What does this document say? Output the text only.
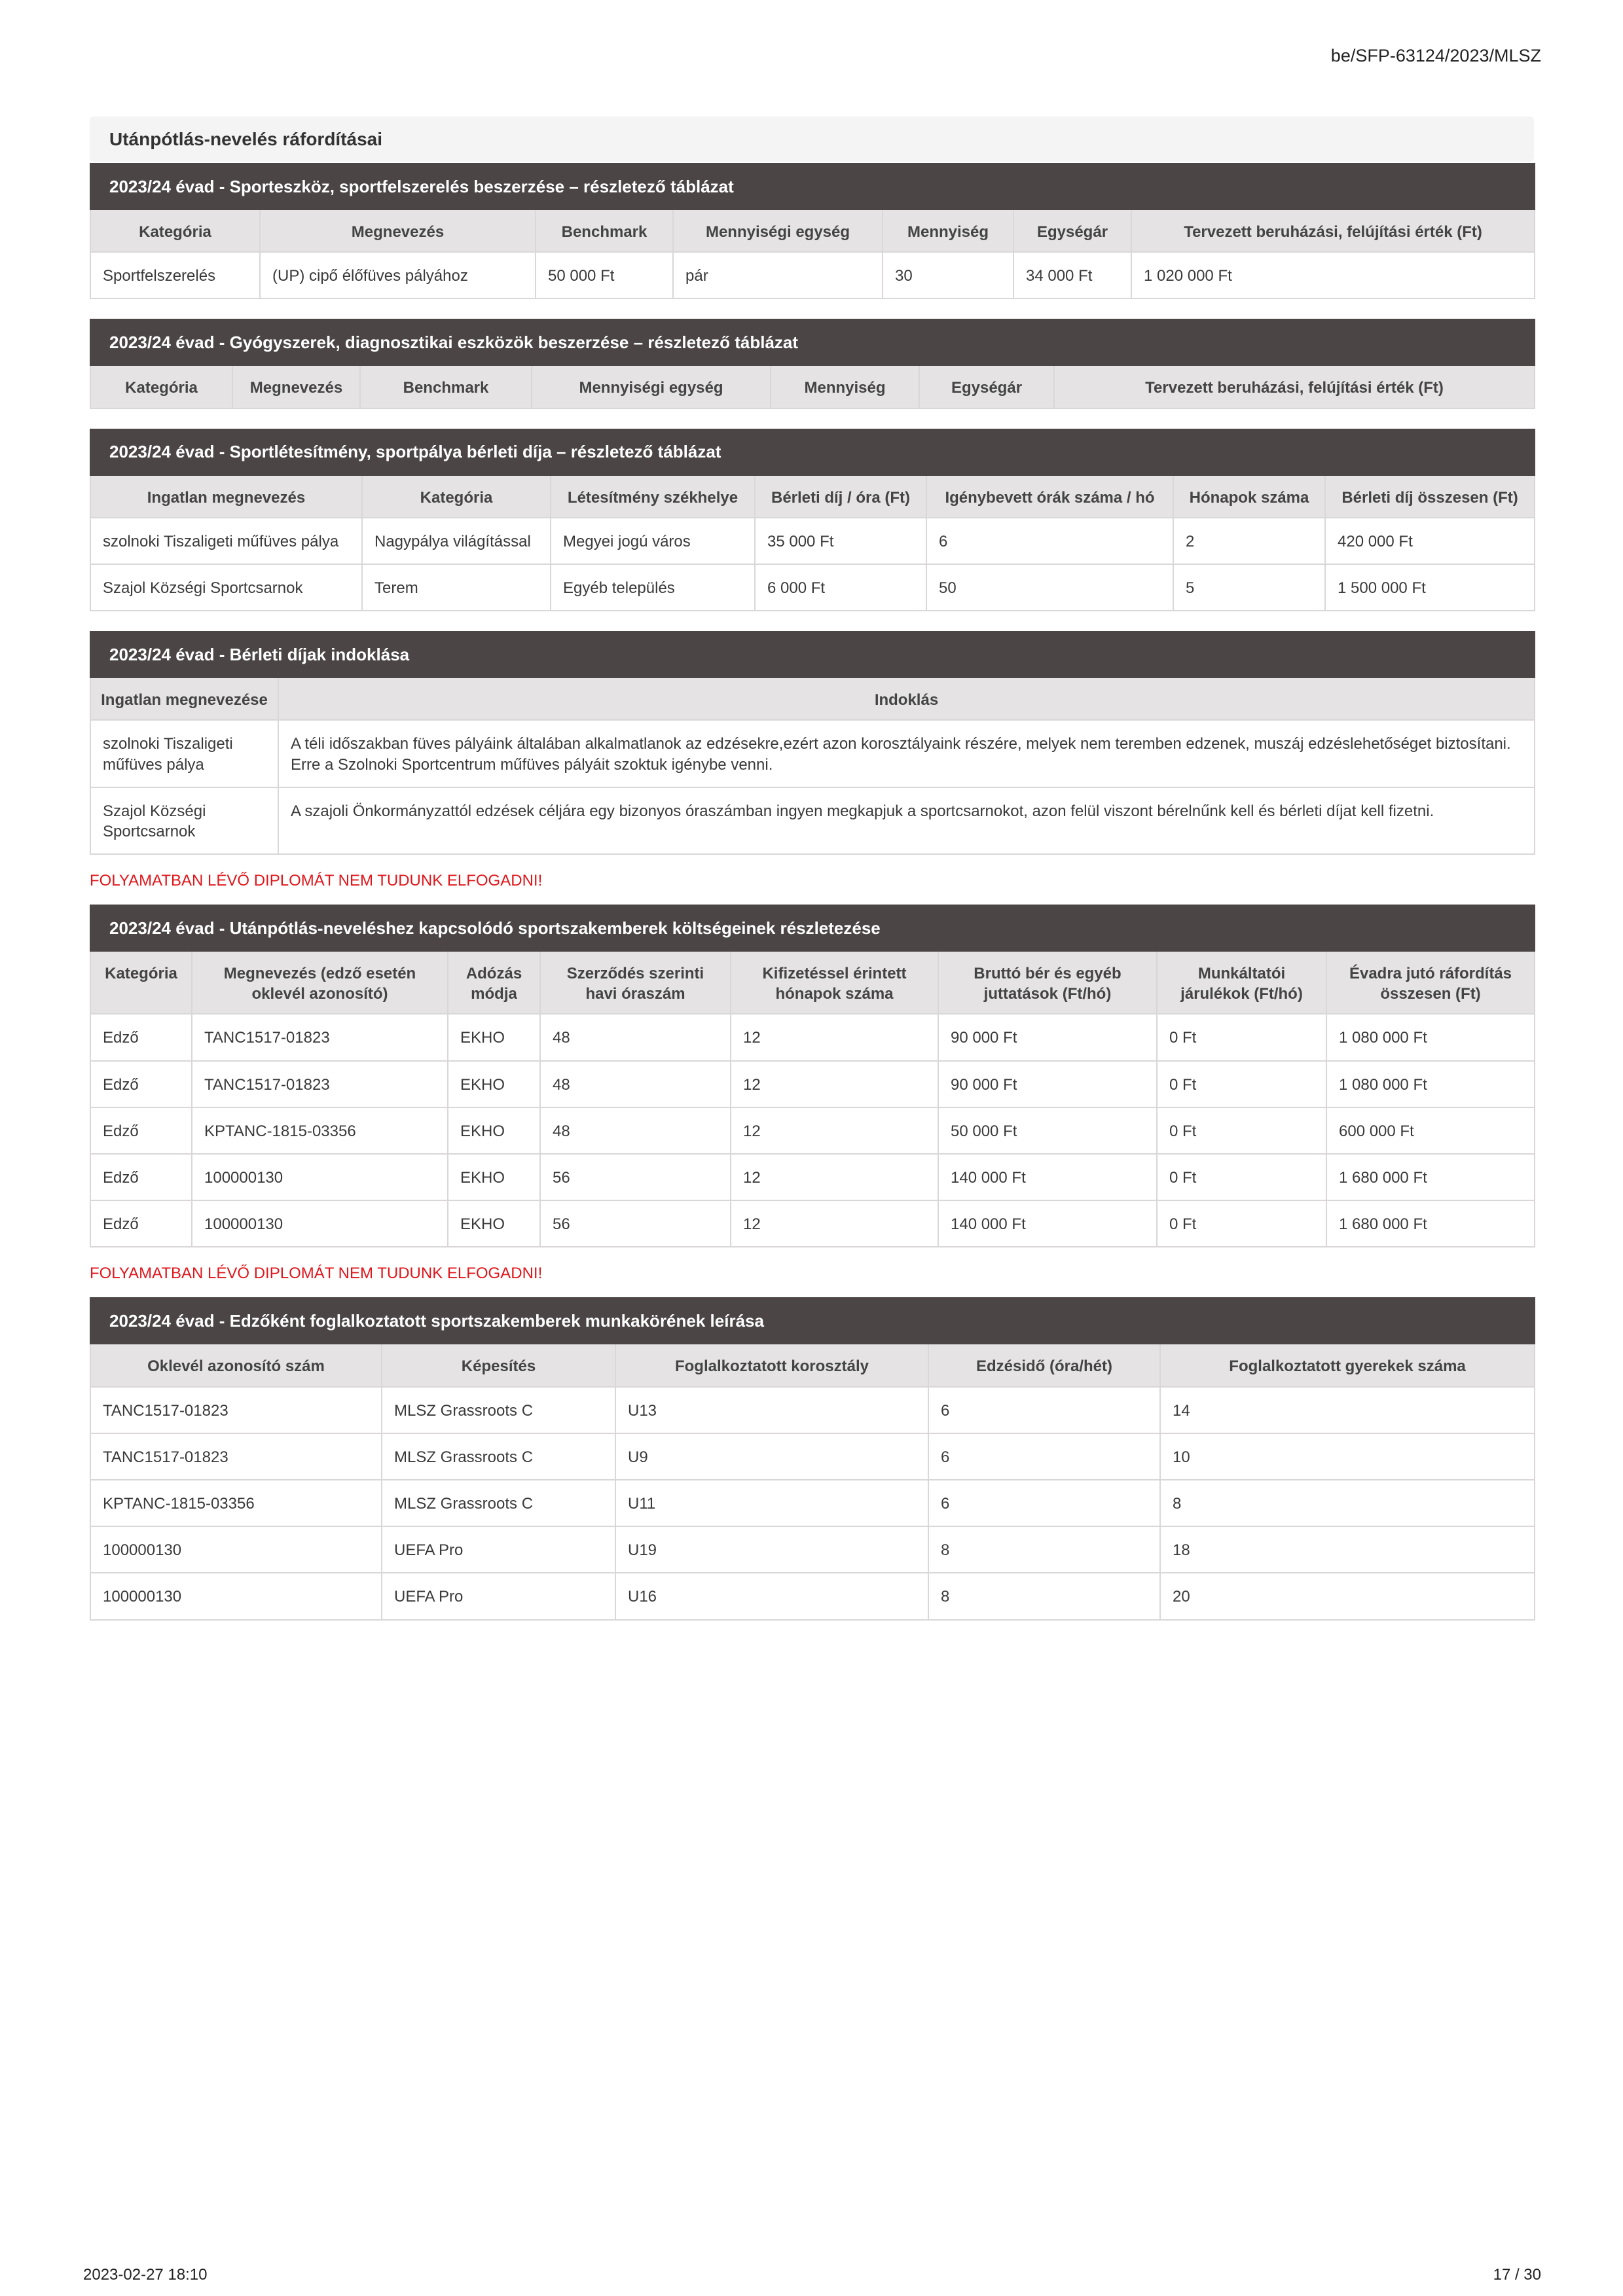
be/SFP-63124/2023/MLSZ
Utánpótlás-nevelés ráfordításai
2023/24 évad - Sporteszköz, sportfelszerelés beszerzése – részletező táblázat						
Kategória	Megnevezés	Benchmark	Mennyiségi egység	Mennyiség	Egységár	Tervezett beruházási, felújítási érték (Ft)
Sportfelszerelés	(UP) cipő élőfüves pályához	50 000 Ft	pár	30	34 000 Ft	1 020 000 Ft
2023/24 évad - Gyógyszerek, diagnosztikai eszközök beszerzése – részletező táblázat
Kategória	Megnevezés	Benchmark	Mennyiségi egység	Mennyiség	Egységár	Tervezett beruházási, felújítási érték (Ft)
2023/24 évad - Sportlétesítmény, sportpálya bérleti díja – részletező táblázat						
Ingatlan megnevezés	Kategória	Létesítmény székhelye	Bérleti díj / óra (Ft)	Igénybevett órák száma / hó	Hónapok száma	Bérleti díj összesen (Ft)
szolnoki Tiszaligeti műfüves pálya	Nagypálya világítással	Megyei jogú város	35 000 Ft	6	2	420 000 Ft
Szajol Községi Sportcsarnok	Terem	Egyéb település	6 000 Ft	50	5	1 500 000 Ft
2023/24 évad - Bérleti díjak indoklása	
Ingatlan megnevezése	Indoklás
szolnoki Tiszaligeti műfüves pálya	A téli időszakban füves pályáink általában alkalmatlanok az edzésekre,ezért azon korosztályaink részére, melyek nem teremben edzenek, muszáj edzéslehetőséget biztosítani. Erre a Szolnoki Sportcentrum műfüves pályáit szoktuk igénybe venni.
Szajol Községi Sportcsarnok	A szajoli Önkormányzattól edzések céljára egy bizonyos óraszámban ingyen megkapjuk a sportcsarnokot, azon felül viszont bérelnűnk kell és bérleti díjat kell fizetni.
FOLYAMATBAN LÉVŐ DIPLOMÁT NEM TUDUNK ELFOGADNI!
2023/24 évad - Utánpótlás-neveléshez kapcsolódó sportszakemberek költségeinek részletezése							
Kategória	Megnevezés (edző esetén oklevél azonosító)	Adózás módja	Szerződés szerinti havi óraszám	Kifizetéssel érintett hónapok száma	Bruttó bér és egyéb juttatások (Ft/hó)	Munkáltatói járulékok (Ft/hó)	Évadra jutó ráfordítás összesen (Ft)
Edző	TANC1517-01823	EKHO	48	12	90 000 Ft	0 Ft	1 080 000 Ft
Edző	TANC1517-01823	EKHO	48	12	90 000 Ft	0 Ft	1 080 000 Ft
Edző	KPTANC-1815-03356	EKHO	48	12	50 000 Ft	0 Ft	600 000 Ft
Edző	100000130	EKHO	56	12	140 000 Ft	0 Ft	1 680 000 Ft
Edző	100000130	EKHO	56	12	140 000 Ft	0 Ft	1 680 000 Ft
FOLYAMATBAN LÉVŐ DIPLOMÁT NEM TUDUNK ELFOGADNI!
2023/24 évad - Edzőként foglalkoztatott sportszakemberek munkakörének leírása				
Oklevél azonosító szám	Képesítés	Foglalkoztatott korosztály	Edzésidő (óra/hét)	Foglalkoztatott gyerekek száma
TANC1517-01823	MLSZ Grassroots C	U13	6	14
TANC1517-01823	MLSZ Grassroots C	U9	6	10
KPTANC-1815-03356	MLSZ Grassroots C	U11	6	8
100000130	UEFA Pro	U19	8	18
100000130	UEFA Pro	U16	8	20
2023-02-27 18:10	17 / 30
